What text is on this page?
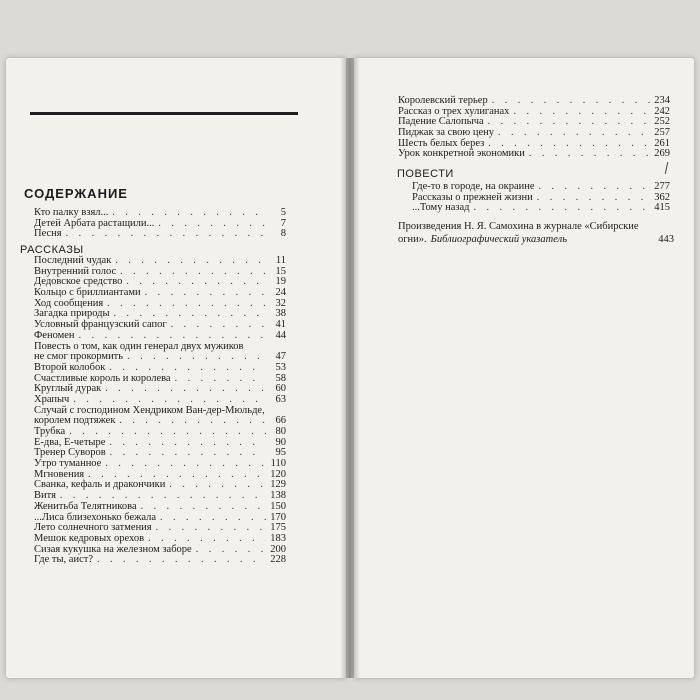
СОДЕРЖАНИЕ
Кто палку взял... . . .	5
Детей Арбата растащили... . . .	7
Песня . . .	8
РАССКАЗЫ
Последний чудак . . .	11
Внутренний голос . . .	15
Дедовское средство . . .	19
Кольцо с бриллиантами . . .	24
Ход сообщения . . .	32
Загадка природы . . .	38
Условный французский сапог . . .	41
Феномен . . .	44
Повесть о том, как один генерал двух мужиков
не смог прокормить . . .	47
Второй колобок . . .	53
Счастливые король и королева . . .	58
Круглый дурак . . .	60
Храпыч . . .	63
Случай с господином Хендриком Ван-дер-Мюльде,
королем подтяжек . . .	66
Трубка . . .	80
Е-два, Е-четыре . . .	90
Тренер Суворов . . .	95
Утро туманное . . .	110
Мгновения . . .	120
Сванка, кефаль и дракончики . . .	129
Витя . . .	138
Женитьба Телятникова . . .	150
...Лиса близехонько бежала . . .	170
Лето солнечного затмения . . .	175
Мешок кедровых орехов . . .	183
Сизая кукушка на железном заборе . . .	200
Где ты, аист? . . .	228
Королевский терьер . . .	234
Рассказ о трех хулиганах . . .	242
Падение Салопыча . . .	252
Пиджак за свою цену . . .	257
Шесть белых берез . . .	261
Урок конкретной экономики . . .	269
ПОВЕСТИ
Где-то в городе, на окраине . . .	277
Рассказы о прежней жизни . . .	362
...Тому назад . . .	415
Произведения Н. Я. Самохина в журнале «Сибирские
огни». Библиографический указатель	443
